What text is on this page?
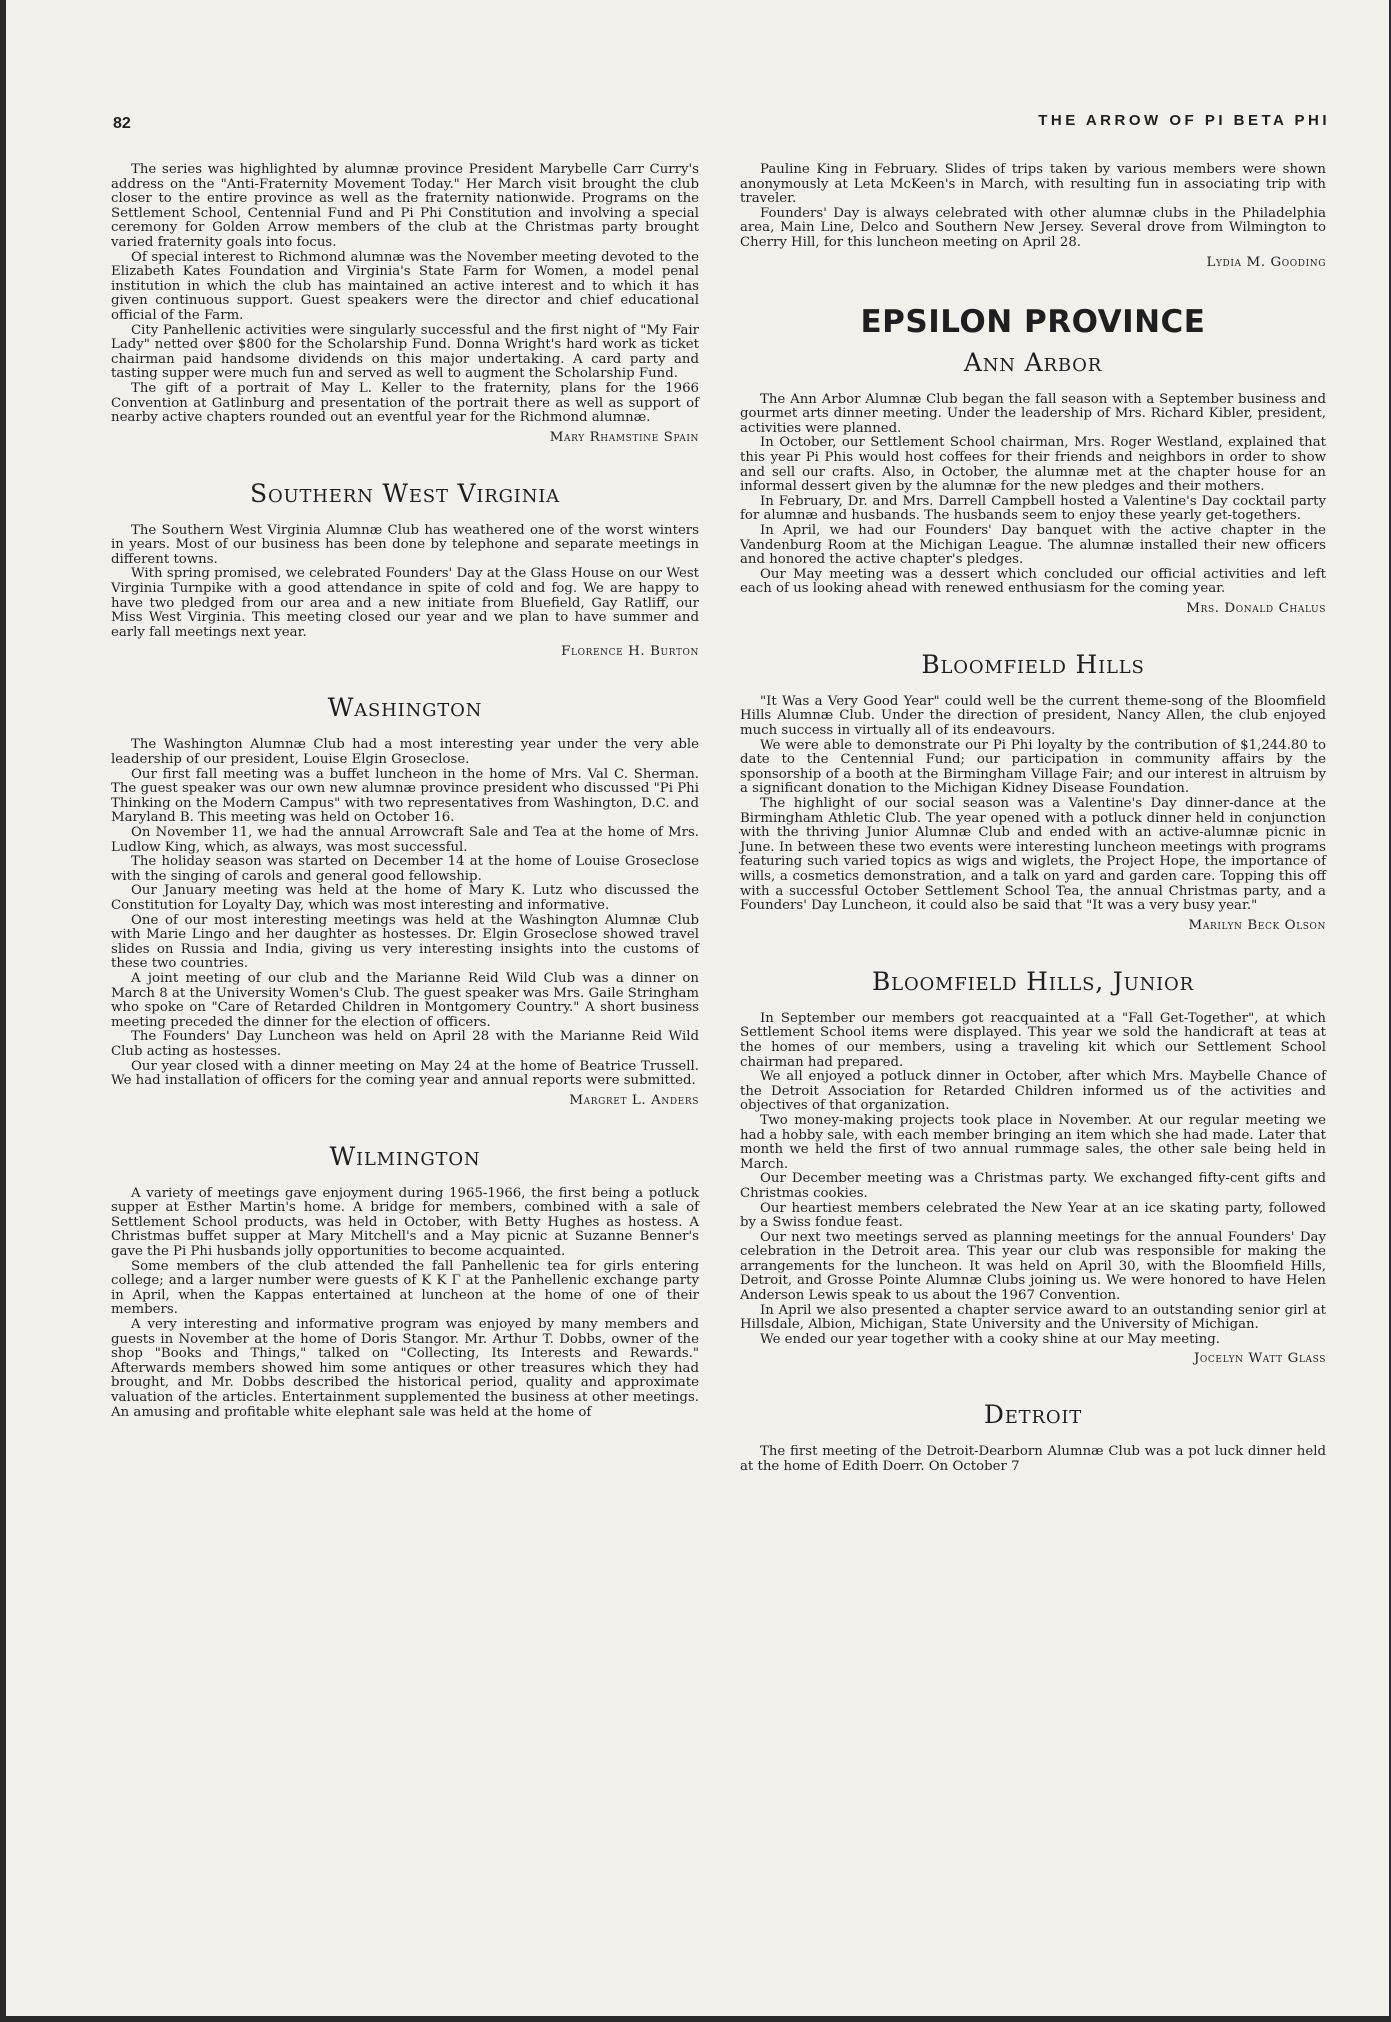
82	THE ARROW OF PI BETA PHI

The series was highlighted by alumnæ province President Marybelle Carr Curry's address on the "Anti-Fraternity Movement Today." Her March visit brought the club closer to the entire province as well as the fraternity nationwide. Programs on the Settlement School, Centennial Fund and Pi Phi Constitution and involving a special ceremony for Golden Arrow members of the club at the Christmas party brought varied fraternity goals into focus.

Of special interest to Richmond alumnæ was the November meeting devoted to the Elizabeth Kates Foundation and Virginia's State Farm for Women, a model penal institution in which the club has maintained an active interest and to which it has given continuous support. Guest speakers were the director and chief educational official of the Farm.

City Panhellenic activities were singularly successful and the first night of "My Fair Lady" netted over $800 for the Scholarship Fund. Donna Wright's hard work as ticket chairman paid handsome dividends on this major undertaking. A card party and tasting supper were much fun and served as well to augment the Scholarship Fund.

The gift of a portrait of May L. Keller to the fraternity, plans for the 1966 Convention at Gatlinburg and presentation of the portrait there as well as support of nearby active chapters rounded out an eventful year for the Richmond alumnæ.

Mary Rhamstine Spain
Southern West Virginia

The Southern West Virginia Alumnæ Club has weathered one of the worst winters in years. Most of our business has been done by telephone and separate meetings in different towns.

With spring promised, we celebrated Founders' Day at the Glass House on our West Virginia Turnpike with a good attendance in spite of cold and fog. We are happy to have two pledged from our area and a new initiate from Bluefield, Gay Ratliff, our Miss West Virginia. This meeting closed our year and we plan to have summer and early fall meetings next year.

Florence H. Burton
Washington

The Washington Alumnæ Club had a most interesting year under the very able leadership of our president, Louise Elgin Groseclose.

Our first fall meeting was a buffet luncheon in the home of Mrs. Val C. Sherman. The guest speaker was our own new alumnæ province president who discussed "Pi Phi Thinking on the Modern Campus" with two representatives from Washington, D.C. and Maryland B. This meeting was held on October 16.

On November 11, we had the annual Arrowcraft Sale and Tea at the home of Mrs. Ludlow King, which, as always, was most successful.

The holiday season was started on December 14 at the home of Louise Groseclose with the singing of carols and general good fellowship.

Our January meeting was held at the home of Mary K. Lutz who discussed the Constitution for Loyalty Day, which was most interesting and informative.

One of our most interesting meetings was held at the Washington Alumnæ Club with Marie Lingo and her daughter as hostesses. Dr. Elgin Groseclose showed travel slides on Russia and India, giving us very interesting insights into the customs of these two countries.

A joint meeting of our club and the Marianne Reid Wild Club was a dinner on March 8 at the University Women's Club. The guest speaker was Mrs. Gaile Stringham who spoke on "Care of Retarded Children in Montgomery Country." A short business meeting preceded the dinner for the election of officers.

The Founders' Day Luncheon was held on April 28 with the Marianne Reid Wild Club acting as hostesses.

Our year closed with a dinner meeting on May 24 at the home of Beatrice Trussell. We had installation of officers for the coming year and annual reports were submitted.

Margret L. Anders
Wilmington

A variety of meetings gave enjoyment during 1965-1966, the first being a potluck supper at Esther Martin's home. A bridge for members, combined with a sale of Settlement School products, was held in October, with Betty Hughes as hostess. A Christmas buffet supper at Mary Mitchell's and a May picnic at Suzanne Benner's gave the Pi Phi husbands jolly opportunities to become acquainted.

Some members of the club attended the fall Panhellenic tea for girls entering college; and a larger number were guests of Κ Κ Γ at the Panhellenic exchange party in April, when the Kappas entertained at luncheon at the home of one of their members.

A very interesting and informative program was enjoyed by many members and guests in November at the home of Doris Stangor. Mr. Arthur T. Dobbs, owner of the shop "Books and Things," talked on "Collecting, Its Interests and Rewards." Afterwards members showed him some antiques or other treasures which they had brought, and Mr. Dobbs described the historical period, quality and approximate valuation of the articles. Entertainment supplemented the business at other meetings. An amusing and profitable white elephant sale was held at the home of

Pauline King in February. Slides of trips taken by various members were shown anonymously at Leta McKeen's in March, with resulting fun in associating trip with traveler.

Founders' Day is always celebrated with other alumnæ clubs in the Philadelphia area, Main Line, Delco and Southern New Jersey. Several drove from Wilmington to Cherry Hill, for this luncheon meeting on April 28.

Lydia M. Gooding
EPSILON PROVINCE
Ann Arbor

The Ann Arbor Alumnæ Club began the fall season with a September business and gourmet arts dinner meeting. Under the leadership of Mrs. Richard Kibler, president, activities were planned.

In October, our Settlement School chairman, Mrs. Roger Westland, explained that this year Pi Phis would host coffees for their friends and neighbors in order to show and sell our crafts. Also, in October, the alumnæ met at the chapter house for an informal dessert given by the alumnæ for the new pledges and their mothers.

In February, Dr. and Mrs. Darrell Campbell hosted a Valentine's Day cocktail party for alumnæ and husbands. The husbands seem to enjoy these yearly get-togethers.

In April, we had our Founders' Day banquet with the active chapter in the Vandenburg Room at the Michigan League. The alumnæ installed their new officers and honored the active chapter's pledges.

Our May meeting was a dessert which concluded our official activities and left each of us looking ahead with renewed enthusiasm for the coming year.

Mrs. Donald Chalus
Bloomfield Hills

"It Was a Very Good Year" could well be the current theme-song of the Bloomfield Hills Alumnæ Club. Under the direction of president, Nancy Allen, the club enjoyed much success in virtually all of its endeavours.

We were able to demonstrate our Pi Phi loyalty by the contribution of $1,244.80 to date to the Centennial Fund; our participation in community affairs by the sponsorship of a booth at the Birmingham Village Fair; and our interest in altruism by a significant donation to the Michigan Kidney Disease Foundation.

The highlight of our social season was a Valentine's Day dinner-dance at the Birmingham Athletic Club. The year opened with a potluck dinner held in conjunction with the thriving Junior Alumnæ Club and ended with an active-alumnæ picnic in June. In between these two events were interesting luncheon meetings with programs featuring such varied topics as wigs and wiglets, the Project Hope, the importance of wills, a cosmetics demonstration, and a talk on yard and garden care. Topping this off with a successful October Settlement School Tea, the annual Christmas party, and a Founders' Day Luncheon, it could also be said that "It was a very busy year."

Marilyn Beck Olson
Bloomfield Hills, Junior

In September our members got reacquainted at a "Fall Get-Together", at which Settlement School items were displayed. This year we sold the handicraft at teas at the homes of our members, using a traveling kit which our Settlement School chairman had prepared.

We all enjoyed a potluck dinner in October, after which Mrs. Maybelle Chance of the Detroit Association for Retarded Children informed us of the activities and objectives of that organization.

Two money-making projects took place in November. At our regular meeting we had a hobby sale, with each member bringing an item which she had made. Later that month we held the first of two annual rummage sales, the other sale being held in March.

Our December meeting was a Christmas party. We exchanged fifty-cent gifts and Christmas cookies.

Our heartiest members celebrated the New Year at an ice skating party, followed by a Swiss fondue feast.

Our next two meetings served as planning meetings for the annual Founders' Day celebration in the Detroit area. This year our club was responsible for making the arrangements for the luncheon. It was held on April 30, with the Bloomfield Hills, Detroit, and Grosse Pointe Alumnæ Clubs joining us. We were honored to have Helen Anderson Lewis speak to us about the 1967 Convention.

In April we also presented a chapter service award to an outstanding senior girl at Hillsdale, Albion, Michigan, State University and the University of Michigan.

We ended our year together with a cooky shine at our May meeting.

Jocelyn Watt Glass
Detroit

The first meeting of the Detroit-Dearborn Alumnæ Club was a pot luck dinner held at the home of Edith Doerr. On October 7
